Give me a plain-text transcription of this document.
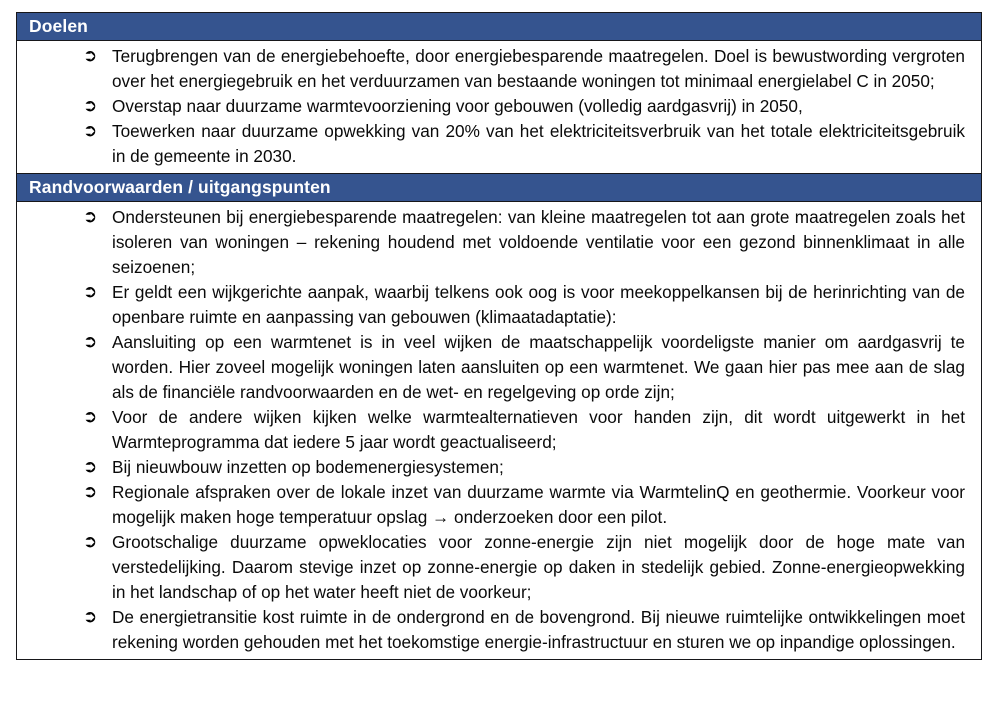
Doelen
➲ Terugbrengen van de energiebehoefte, door energiebesparende maatregelen. Doel is bewustwording vergroten over het energiegebruik en het verduurzamen van bestaande woningen tot minimaal energielabel C in 2050;
➲ Overstap naar duurzame warmtevoorziening voor gebouwen (volledig aardgasvrij) in 2050,
➲ Toewerken naar duurzame opwekking van 20% van het elektriciteitsverbruik van het totale elektriciteitsgebruik in de gemeente in 2030.
Randvoorwaarden / uitgangspunten
➲ Ondersteunen bij energiebesparende maatregelen: van kleine maatregelen tot aan grote maatregelen zoals het isoleren van woningen – rekening houdend met voldoende ventilatie voor een gezond binnenklimaat in alle seizoenen;
➲ Er geldt een wijkgerichte aanpak, waarbij telkens ook oog is voor meekoppelkansen bij de herinrichting van de openbare ruimte en aanpassing van gebouwen (klimaatadaptatie):
➲ Aansluiting op een warmtenet is in veel wijken de maatschappelijk voordeligste manier om aardgasvrij te worden. Hier zoveel mogelijk woningen laten aansluiten op een warmtenet. We gaan hier pas mee aan de slag als de financiële randvoorwaarden en de wet- en regelgeving op orde zijn;
➲ Voor de andere wijken kijken welke warmtealternatieven voor handen zijn, dit wordt uitgewerkt in het Warmteprogramma dat iedere 5 jaar wordt geactualiseerd;
➲ Bij nieuwbouw inzetten op bodemenergiesystemen;
➲ Regionale afspraken over de lokale inzet van duurzame warmte via WarmtelinQ en geothermie. Voorkeur voor mogelijk maken hoge temperatuur opslag → onderzoeken door een pilot.
➲ Grootschalige duurzame opweklocaties voor zonne-energie zijn niet mogelijk door de hoge mate van verstedelijking. Daarom stevige inzet op zonne-energie op daken in stedelijk gebied. Zonne-energieopwekking in het landschap of op het water heeft niet de voorkeur;
➲ De energietransitie kost ruimte in de ondergrond en de bovengrond. Bij nieuwe ruimtelijke ontwikkelingen moet rekening worden gehouden met het toekomstige energie-infrastructuur en sturen we op inpandige oplossingen.
